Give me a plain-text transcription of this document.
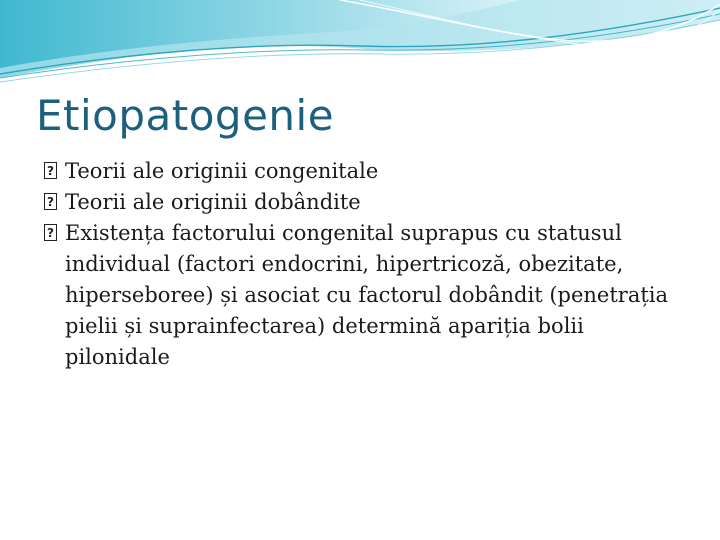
Etiopatogenie
? Teorii ale originii congenitale
? Teorii ale originii dobândite
? Existența factorului congenital suprapus cu statusul individual (factori endocrini, hipertricoză, obezitate, hiperseboree) și asociat cu factorul dobândit (penetrația pielii și suprainfectarea) determină apariția bolii pilonidale
